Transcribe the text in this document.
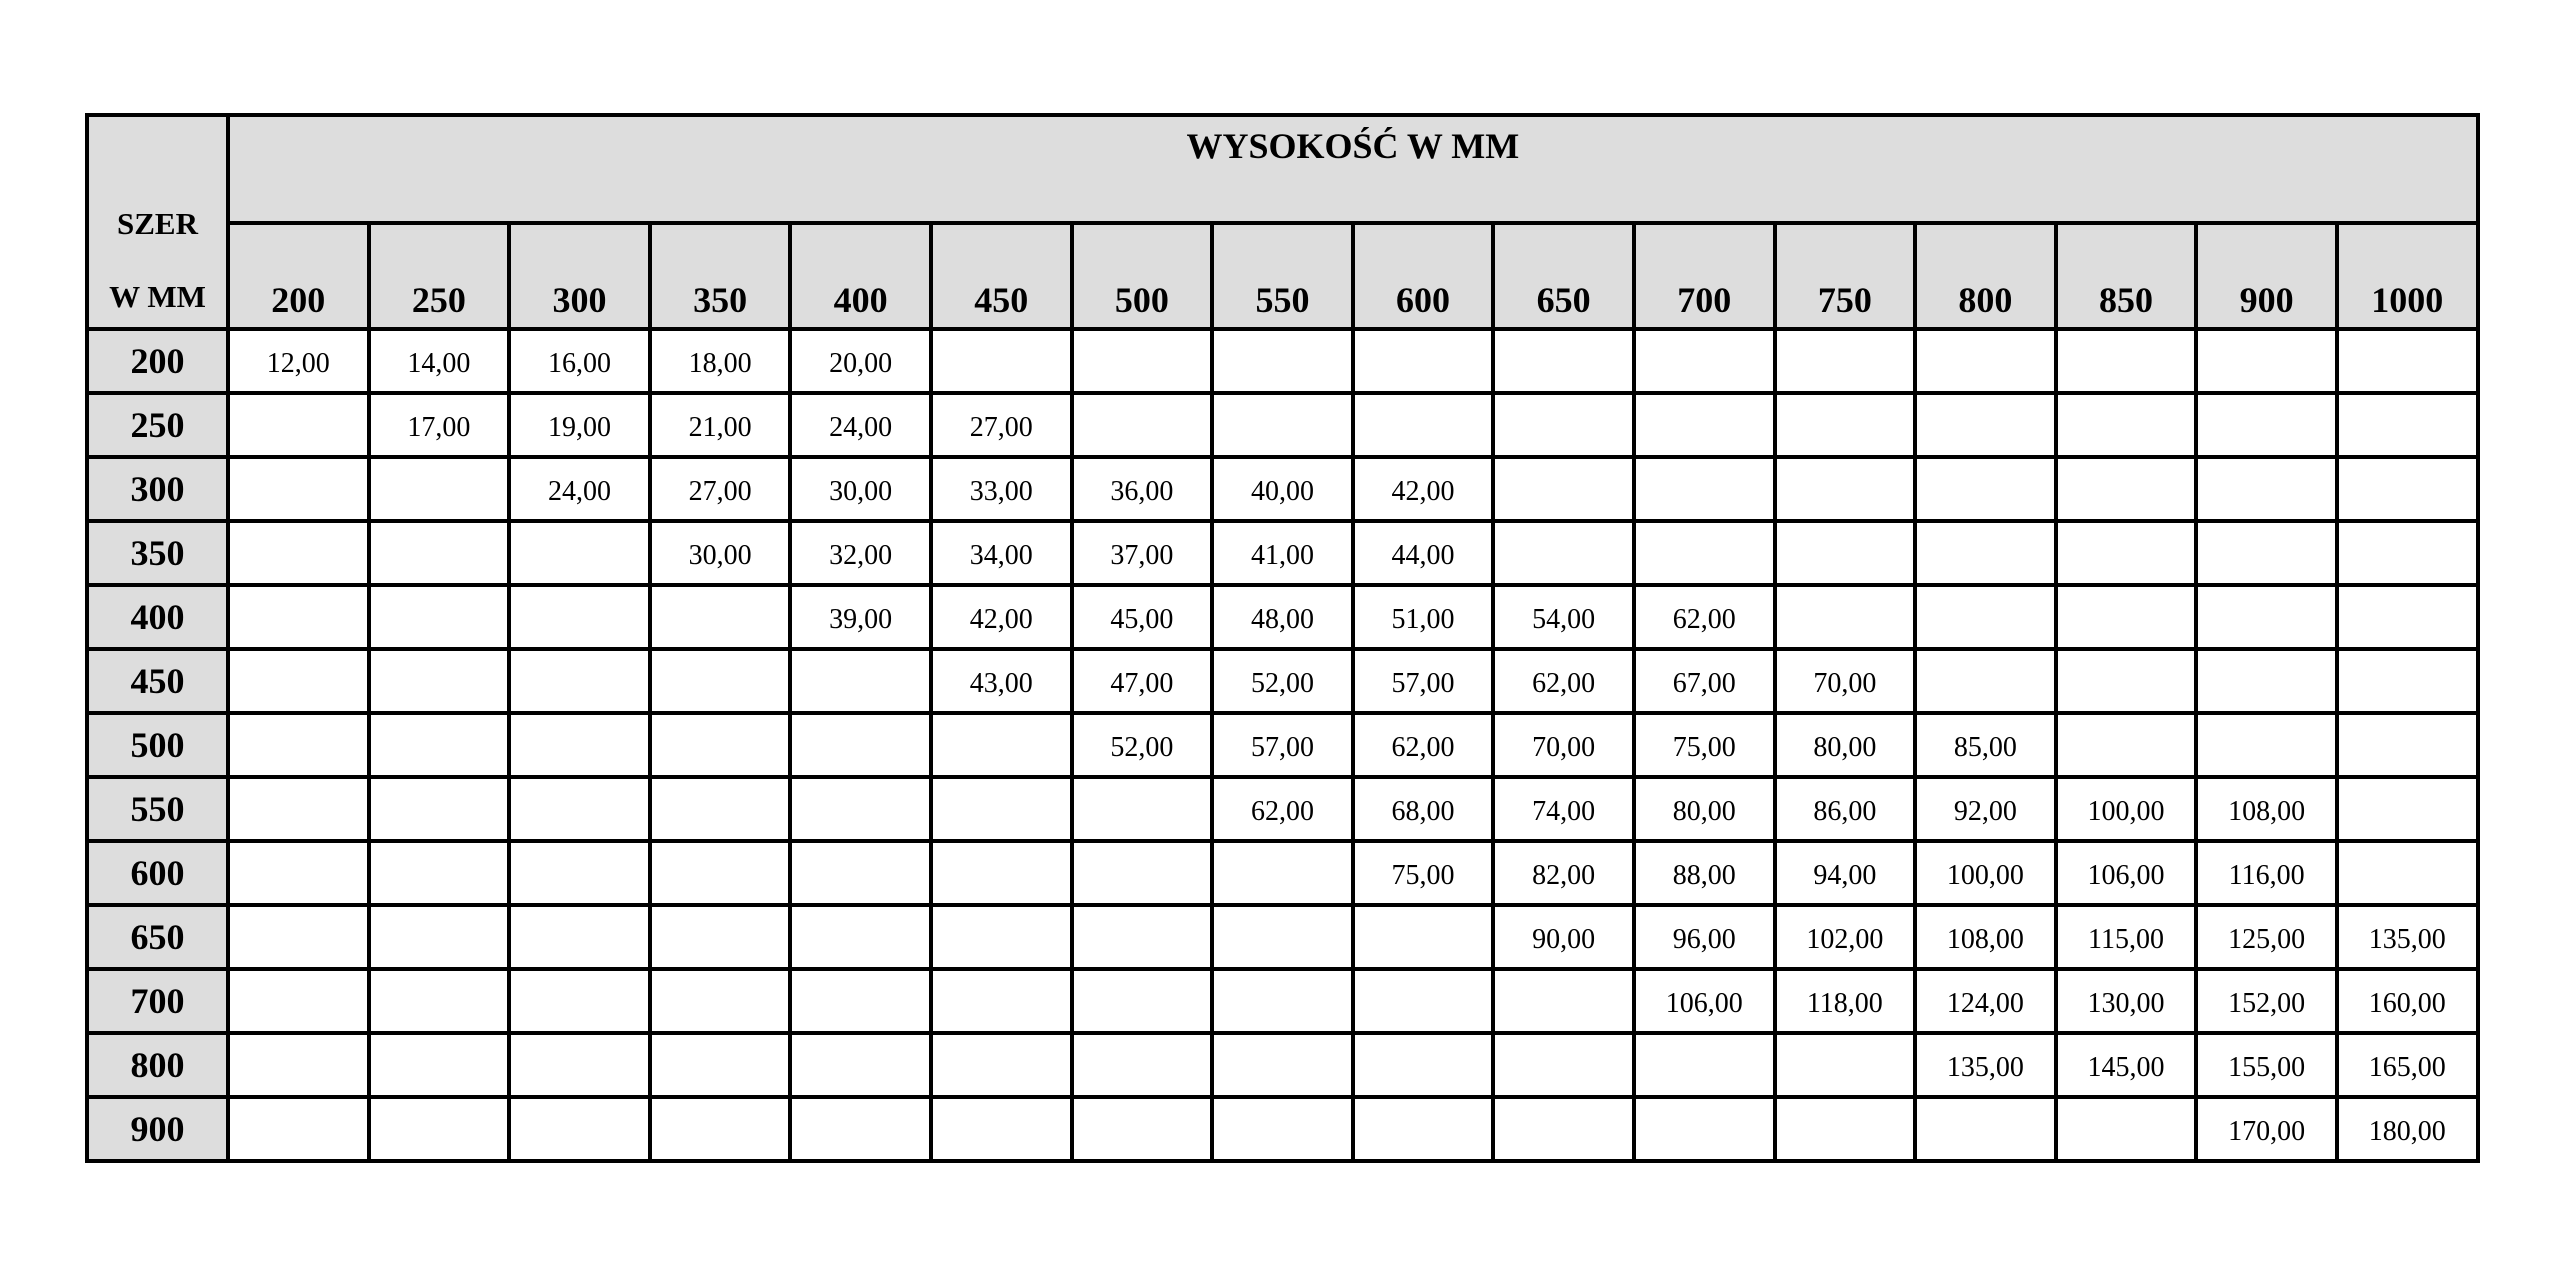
SZER
W MM	WYSOKOŚĆ W MM															
	200	250	300	350	400	450	500	550	600	650	700	750	800	850	900	1000
200	12,00	14,00	16,00	18,00	20,00											
250		17,00	19,00	21,00	24,00	27,00										
300			24,00	27,00	30,00	33,00	36,00	40,00	42,00							
350				30,00	32,00	34,00	37,00	41,00	44,00							
400					39,00	42,00	45,00	48,00	51,00	54,00	62,00					
450						43,00	47,00	52,00	57,00	62,00	67,00	70,00				
500							52,00	57,00	62,00	70,00	75,00	80,00	85,00			
550								62,00	68,00	74,00	80,00	86,00	92,00	100,00	108,00	
600									75,00	82,00	88,00	94,00	100,00	106,00	116,00	
650										90,00	96,00	102,00	108,00	115,00	125,00	135,00
700											106,00	118,00	124,00	130,00	152,00	160,00
800													135,00	145,00	155,00	165,00
900															170,00	180,00
